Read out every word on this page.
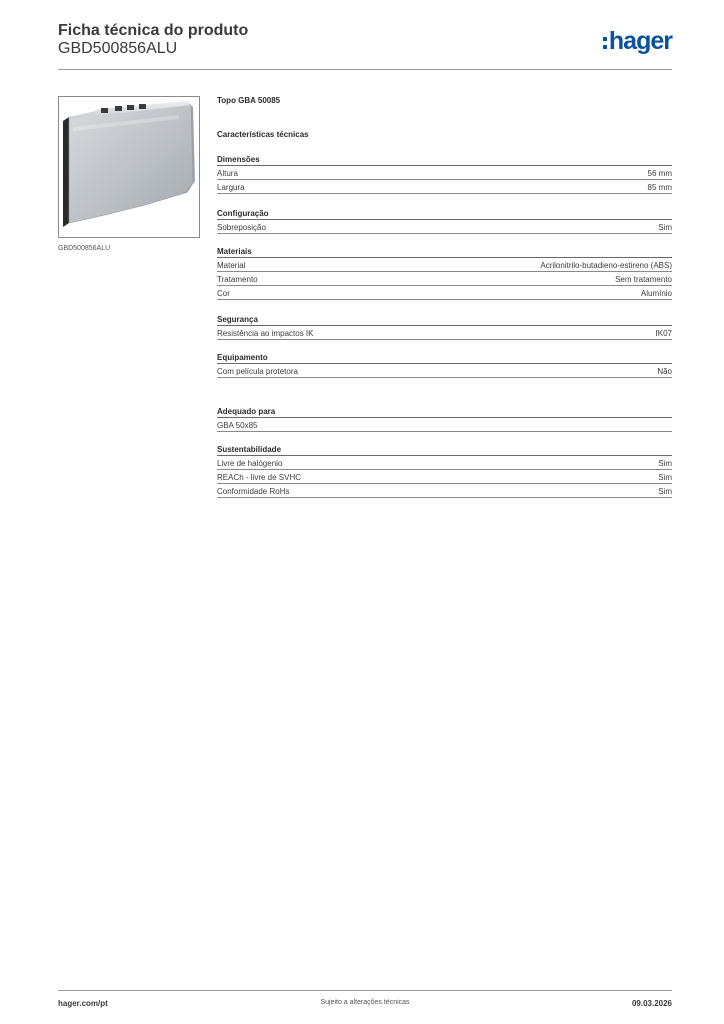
Ficha técnica do produto
GBD500856ALU	hager
GBD500856ALU
Topo GBA 50085
Características técnicas
Dimensões
Altura	56 mm
Largura	85 mm
Configuração
Sobreposição	Sim
Materiais
Material	Acrilonitrilo-butadieno-estireno (ABS)
Tratamento	Sem tratamento
Cor	Alumínio
Segurança
Resistência ao impactos IK	IK07
Equipamento
Com película protetora	Não
Adequado para
GBA 50x85
Sustentabilidade
Livre de halógenio	Sim
REACh - livre de SVHC	Sim
Conformidade RoHs	Sim
hager.com/pt	Sujeito a alterações técnicas	09.03.2026
